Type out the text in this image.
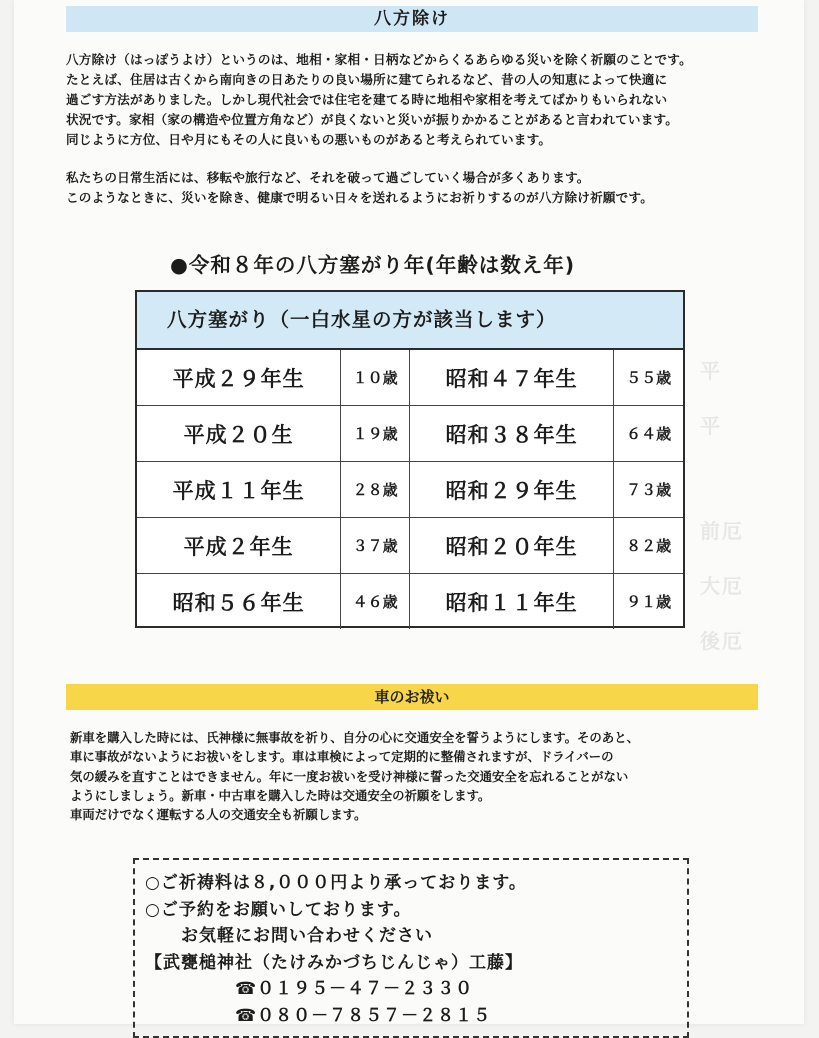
平
平
前厄
大厄
後厄
八方除け

八方除け（はっぽうよけ）というのは、地相・家相・日柄などからくるあらゆる災いを除く祈願のことです。

たとえば、住居は古くから南向きの日あたりの良い場所に建てられるなど、昔の人の知恵によって快適に

過ごす方法がありました。しかし現代社会では住宅を建てる時に地相や家相を考えてばかりもいられない

状況です。家相（家の構造や位置方角など）が良くないと災いが振りかかることがあると言われています。

同じように方位、日や月にもその人に良いもの悪いものがあると考えられています。

私たちの日常生活には、移転や旅行など、それを破って過ごしていく場合が多くあります。

このようなときに、災いを除き、健康で明るい日々を送れるようにお祈りするのが八方除け祈願です。

●令和８年の八方塞がり年(年齢は数え年)
八方塞がり（一白水星の方が該当します）
平成２９年生	１０歳	昭和４７年生	５５歳
平成２０生	１９歳	昭和３８年生	６４歳
平成１１年生	２８歳	昭和２９年生	７３歳
平成２年生	３７歳	昭和２０年生	８２歳
昭和５６年生	４６歳	昭和１１年生	９１歳
車のお祓い

新車を購入した時には、氏神様に無事故を祈り、自分の心に交通安全を誓うようにします。そのあと、

車に事故がないようにお祓いをします。車は車検によって定期的に整備されますが、ドライバーの

気の緩みを直すことはできません。年に一度お祓いを受け神様に誓った交通安全を忘れることがない

ようにしましょう。新車・中古車を購入した時は交通安全の祈願をします。

車両だけでなく運転する人の交通安全も祈願します。

○ご祈祷料は８,０００円より承っております。
○ご予約をお願いしております。
お気軽にお問い合わせください
【武甕槌神社（たけみかづちじんじゃ）工藤】
☎０１９５－４７－２３３０
☎０８０－７８５７－２８１５
